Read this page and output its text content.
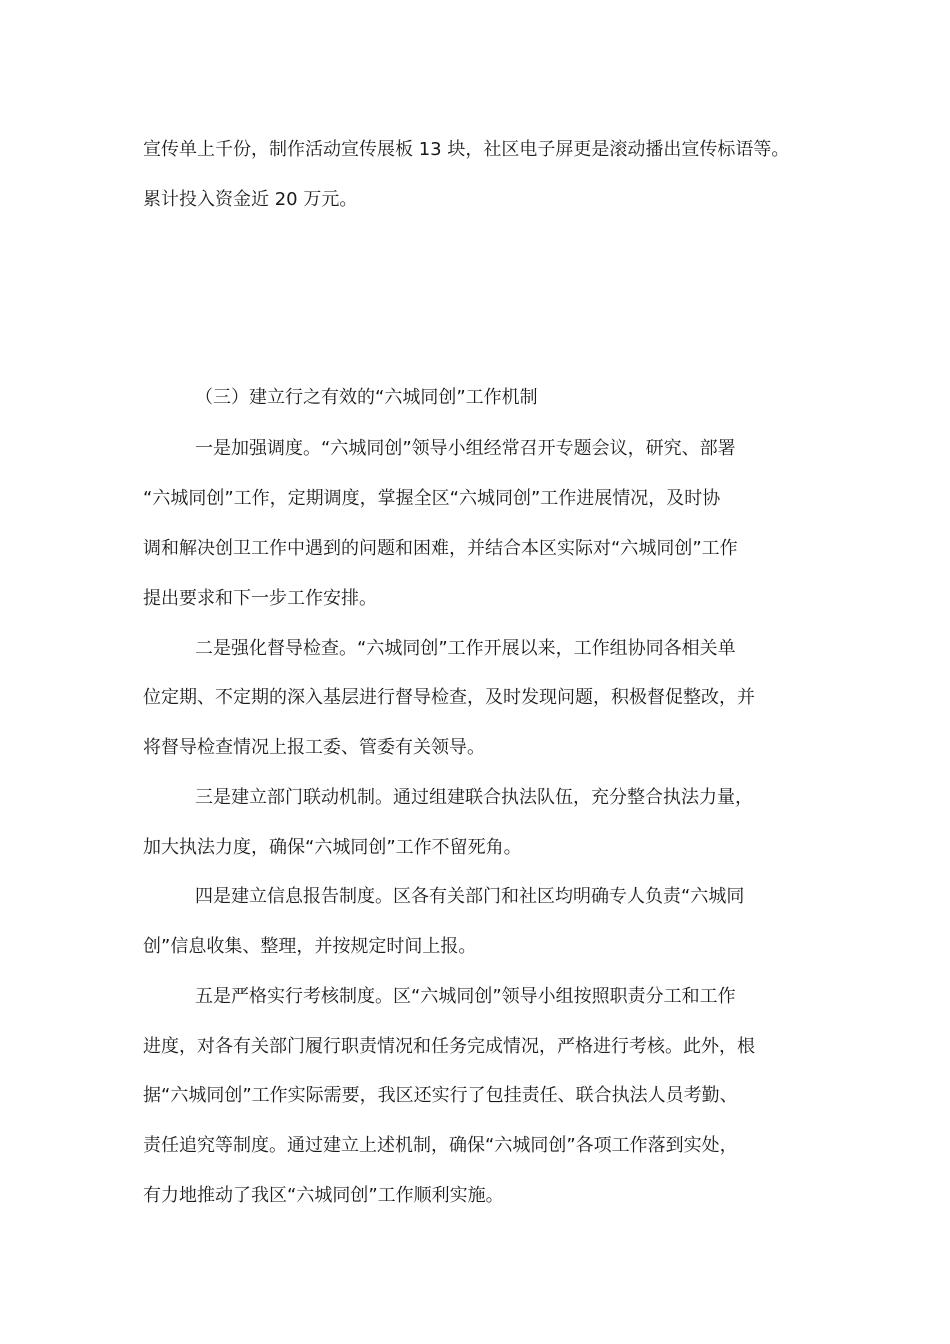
宣传单上千份，制作活动宣传展板 13 块，社区电子屏更是滚动播出宣传标语等。
累计投入资金近 20 万元。
（三）建立行之有效的“六城同创”工作机制
一是加强调度。“六城同创”领导小组经常召开专题会议，研究、部署
“六城同创”工作，定期调度，掌握全区“六城同创”工作进展情况，及时协
调和解决创卫工作中遇到的问题和困难，并结合本区实际对“六城同创”工作
提出要求和下一步工作安排。
二是强化督导检查。“六城同创”工作开展以来，工作组协同各相关单
位定期、不定期的深入基层进行督导检查，及时发现问题，积极督促整改，并
将督导检查情况上报工委、管委有关领导。
三是建立部门联动机制。通过组建联合执法队伍，充分整合执法力量，
加大执法力度，确保“六城同创”工作不留死角。
四是建立信息报告制度。区各有关部门和社区均明确专人负责“六城同
创”信息收集、整理，并按规定时间上报。
五是严格实行考核制度。区“六城同创”领导小组按照职责分工和工作
进度，对各有关部门履行职责情况和任务完成情况，严格进行考核。此外，根
据“六城同创”工作实际需要，我区还实行了包挂责任、联合执法人员考勤、
责任追究等制度。通过建立上述机制，确保“六城同创”各项工作落到实处，
有力地推动了我区“六城同创”工作顺利实施。
